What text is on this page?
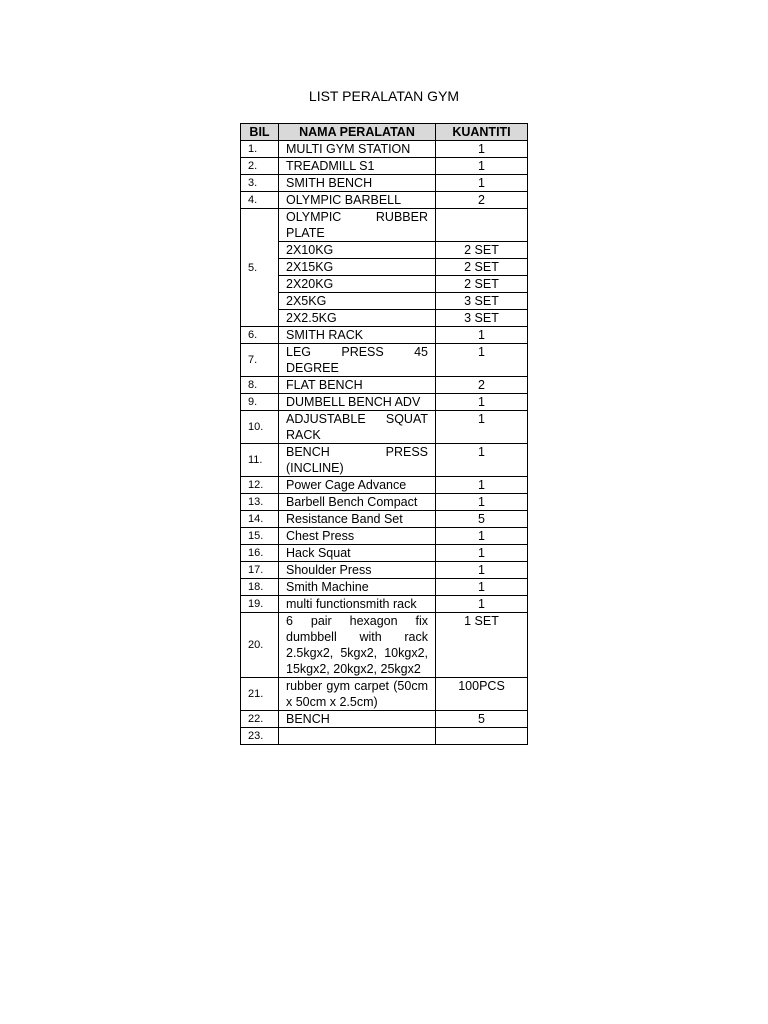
LIST PERALATAN GYM
BIL	NAMA PERALATAN	KUANTITI
1.	MULTI GYM STATION	1
2.	TREADMILL S1	1
3.	SMITH BENCH	1
4.	OLYMPIC BARBELL	2
5.	OLYMPIC RUBBER PLATE	
	2X10KG	2 SET
	2X15KG	2 SET
	2X20KG	2 SET
	2X5KG	3 SET
	2X2.5KG	3 SET
6.	SMITH RACK	1
7.	LEG PRESS 45 DEGREE	1
8.	FLAT BENCH	2
9.	DUMBELL BENCH ADV	1
10.	ADJUSTABLE SQUAT RACK	1
11.	BENCH PRESS (INCLINE)	1
12.	Power Cage Advance	1
13.	Barbell Bench Compact	1
14.	Resistance Band Set	5
15.	Chest Press	1
16.	Hack Squat	1
17.	Shoulder Press	1
18.	Smith Machine	1
19.	multi functionsmith rack	1
20.	6 pair hexagon fix dumbbell with rack 2.5kgx2, 5kgx2, 10kgx2, 15kgx2, 20kgx2, 25kgx2	1 SET
21.	rubber gym carpet (50cm x 50cm x 2.5cm)	100PCS
22.	BENCH	5
23.		
